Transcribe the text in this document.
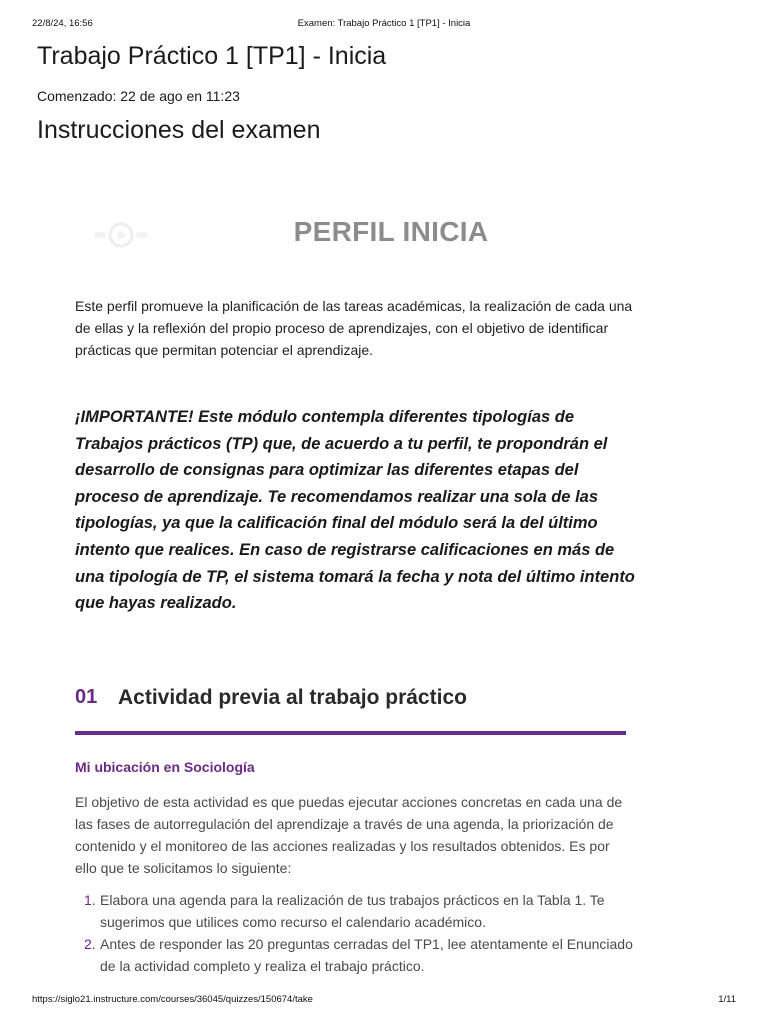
22/8/24, 16:56	Examen: Trabajo Práctico 1 [TP1] - Inicia
Trabajo Práctico 1 [TP1] - Inicia
Comenzado: 22 de ago en 11:23
Instrucciones del examen
PERFIL INICIA

Este perfil promueve la planificación de las tareas académicas, la realización de cada una de ellas y la reflexión del propio proceso de aprendizajes, con el objetivo de identificar prácticas que permitan potenciar el aprendizaje.

¡IMPORTANTE! Este módulo contempla diferentes tipologías de Trabajos prácticos (TP) que, de acuerdo a tu perfil, te propondrán el desarrollo de consignas para optimizar las diferentes etapas del proceso de aprendizaje. Te recomendamos realizar una sola de las tipologías, ya que la calificación final del módulo será la del último intento que realices. En caso de registrarse calificaciones en más de una tipología de TP, el sistema tomará la fecha y nota del último intento que hayas realizado.

01 Actividad previa al trabajo práctico
Mi ubicación en Sociología

El objetivo de esta actividad es que puedas ejecutar acciones concretas en cada una de las fases de autorregulación del aprendizaje a través de una agenda, la priorización de contenido y el monitoreo de las acciones realizadas y los resultados obtenidos. Es por ello que te solicitamos lo siguiente:

1. Elabora una agenda para la realización de tus trabajos prácticos en la Tabla 1. Te sugerimos que utilices como recurso el calendario académico.
2. Antes de responder las 20 preguntas cerradas del TP1, lee atentamente el Enunciado de la actividad completo y realiza el trabajo práctico.
https://siglo21.instructure.com/courses/36045/quizzes/150674/take	1/11
